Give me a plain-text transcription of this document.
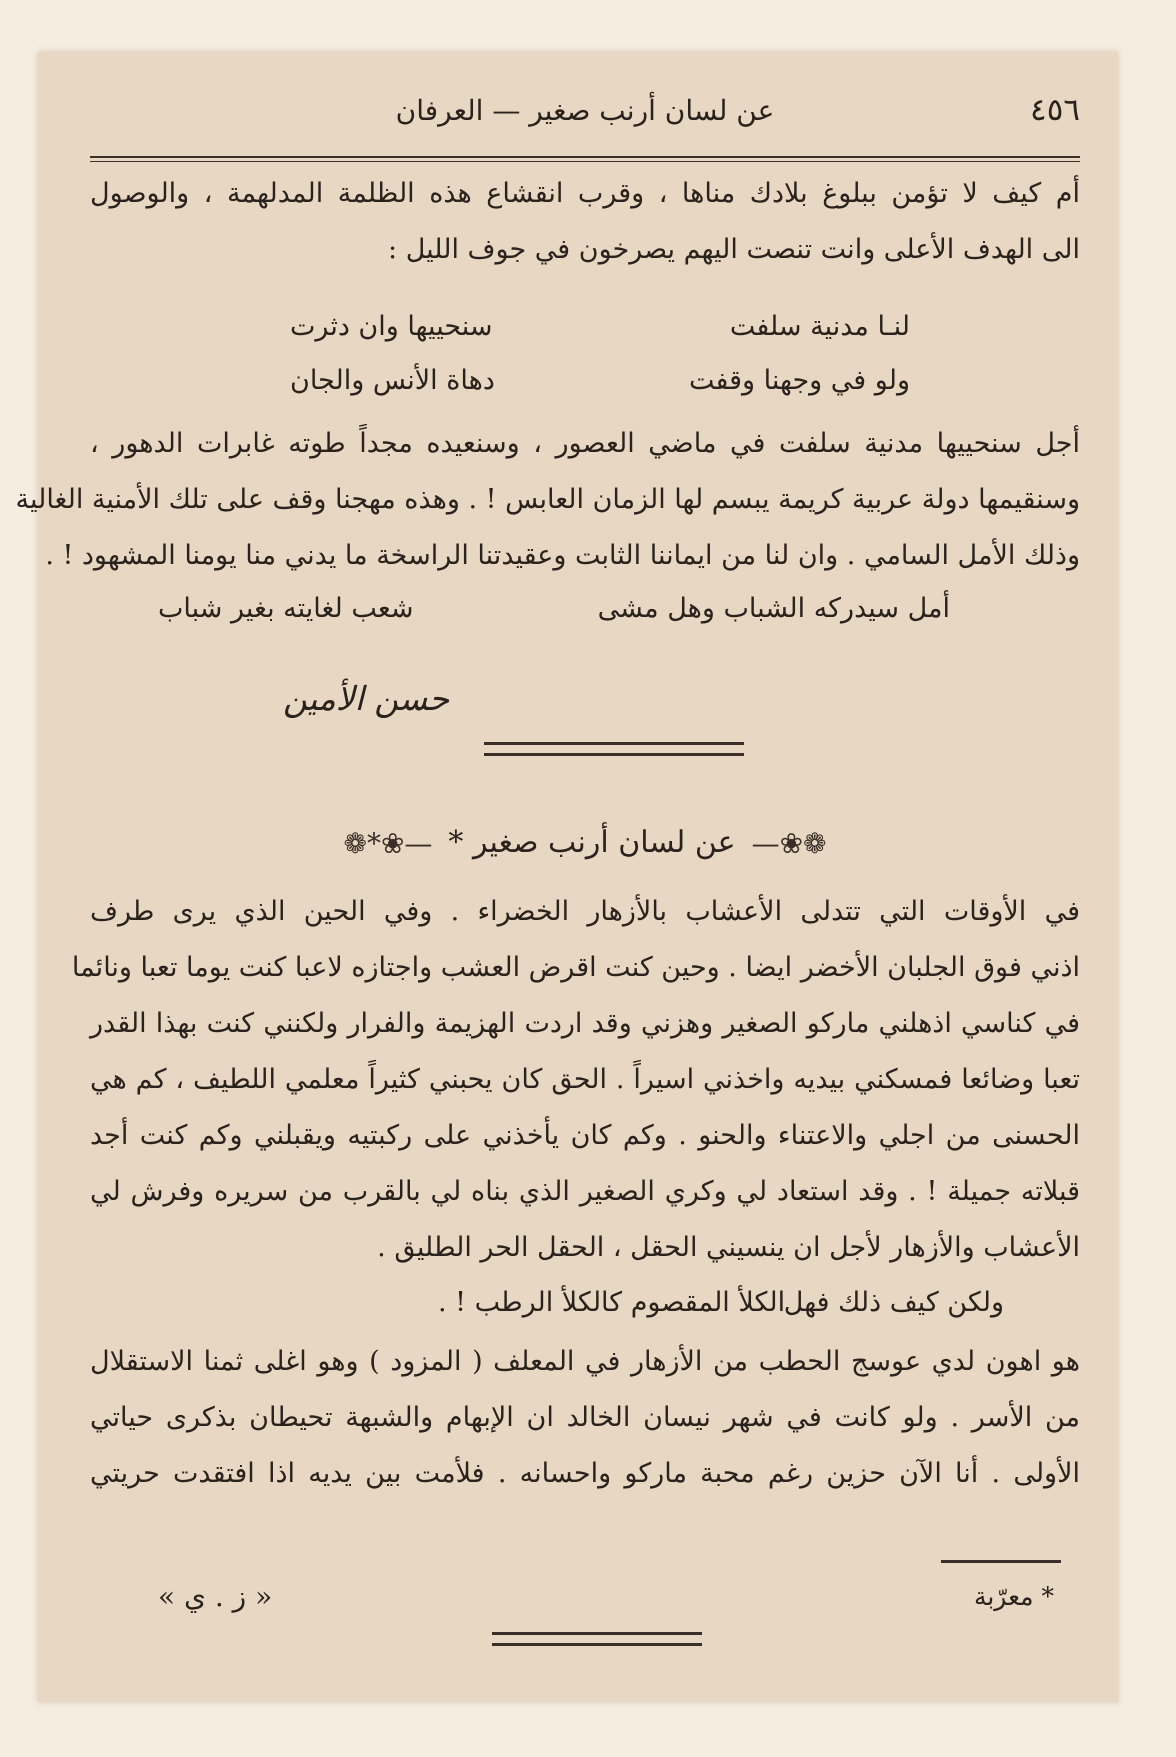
٤٥٦
عن لسان أرنب صغير — العرفان

أم كيف لا تؤمن ببلوغ بلادك مناها ، وقرب انقشاع هذه الظلمة المدلهمة ، والوصول

الى الهدف الأعلى وانت تنصت اليهم يصرخون في جوف الليل :

لنـا مدنية سلفت
سنحييها وان دثرت
ولو في وجهنا وقفت
دهاة الأنس والجان

أجل سنحييها مدنية سلفت في ماضي العصور ، وسنعيده مجداً طوته غابرات الدهور ،

وسنقيمها دولة عربية كريمة يبسم لها الزمان العابس ! . وهذه مهجنا وقف على تلك الأمنية الغالية

وذلك الأمل السامي . وان لنا من ايماننا الثابت وعقيدتنا الراسخة ما يدني منا يومنا المشهود ! .

أمل سيدركه الشباب وهل مشى
شعب لغايته بغير شباب
حسن الأمين
❁❀—
عن لسان أرنب صغير *
—❀*❁

في الأوقات التي تتدلى الأعشاب بالأزهار الخضراء . وفي الحين الذي يرى طرف

اذني فوق الجلبان الأخضر ايضا . وحين كنت اقرض العشب واجتازه لاعبا كنت يوما تعبا ونائما

في كناسي اذهلني ماركو الصغير وهزني وقد اردت الهزيمة والفرار ولكنني كنت بهذا القدر

تعبا وضائعا فمسكني بيديه واخذني اسيراً . الحق كان يحبني كثيراً معلمي اللطيف ، كم هي

الحسنى من اجلي والاعتناء والحنو . وكم كان يأخذني على ركبتيه ويقبلني وكم كنت أجد

قبلاته جميلة ! . وقد استعاد لي وكري الصغير الذي بناه لي بالقرب من سريره وفرش لي

الأعشاب والأزهار لأجل ان ينسيني الحقل ، الحقل الحر الطليق .

ولكن كيف ذلك فهل
الكلأ المقصوم كالكلأ الرطب ! .

هو اهون لدي عوسج الحطب من الأزهار في المعلف ( المزود ) وهو اغلى ثمنا الاستقلال

من الأسر . ولو كانت في شهر نيسان الخالد ان الإبهام والشبهة تحيطان بذكرى حياتي

الأولى . أنا الآن حزين رغم محبة ماركو واحسانه . فلأمت بين يديه اذا افتقدت حريتي

* معرّبة
« ز . ي »
